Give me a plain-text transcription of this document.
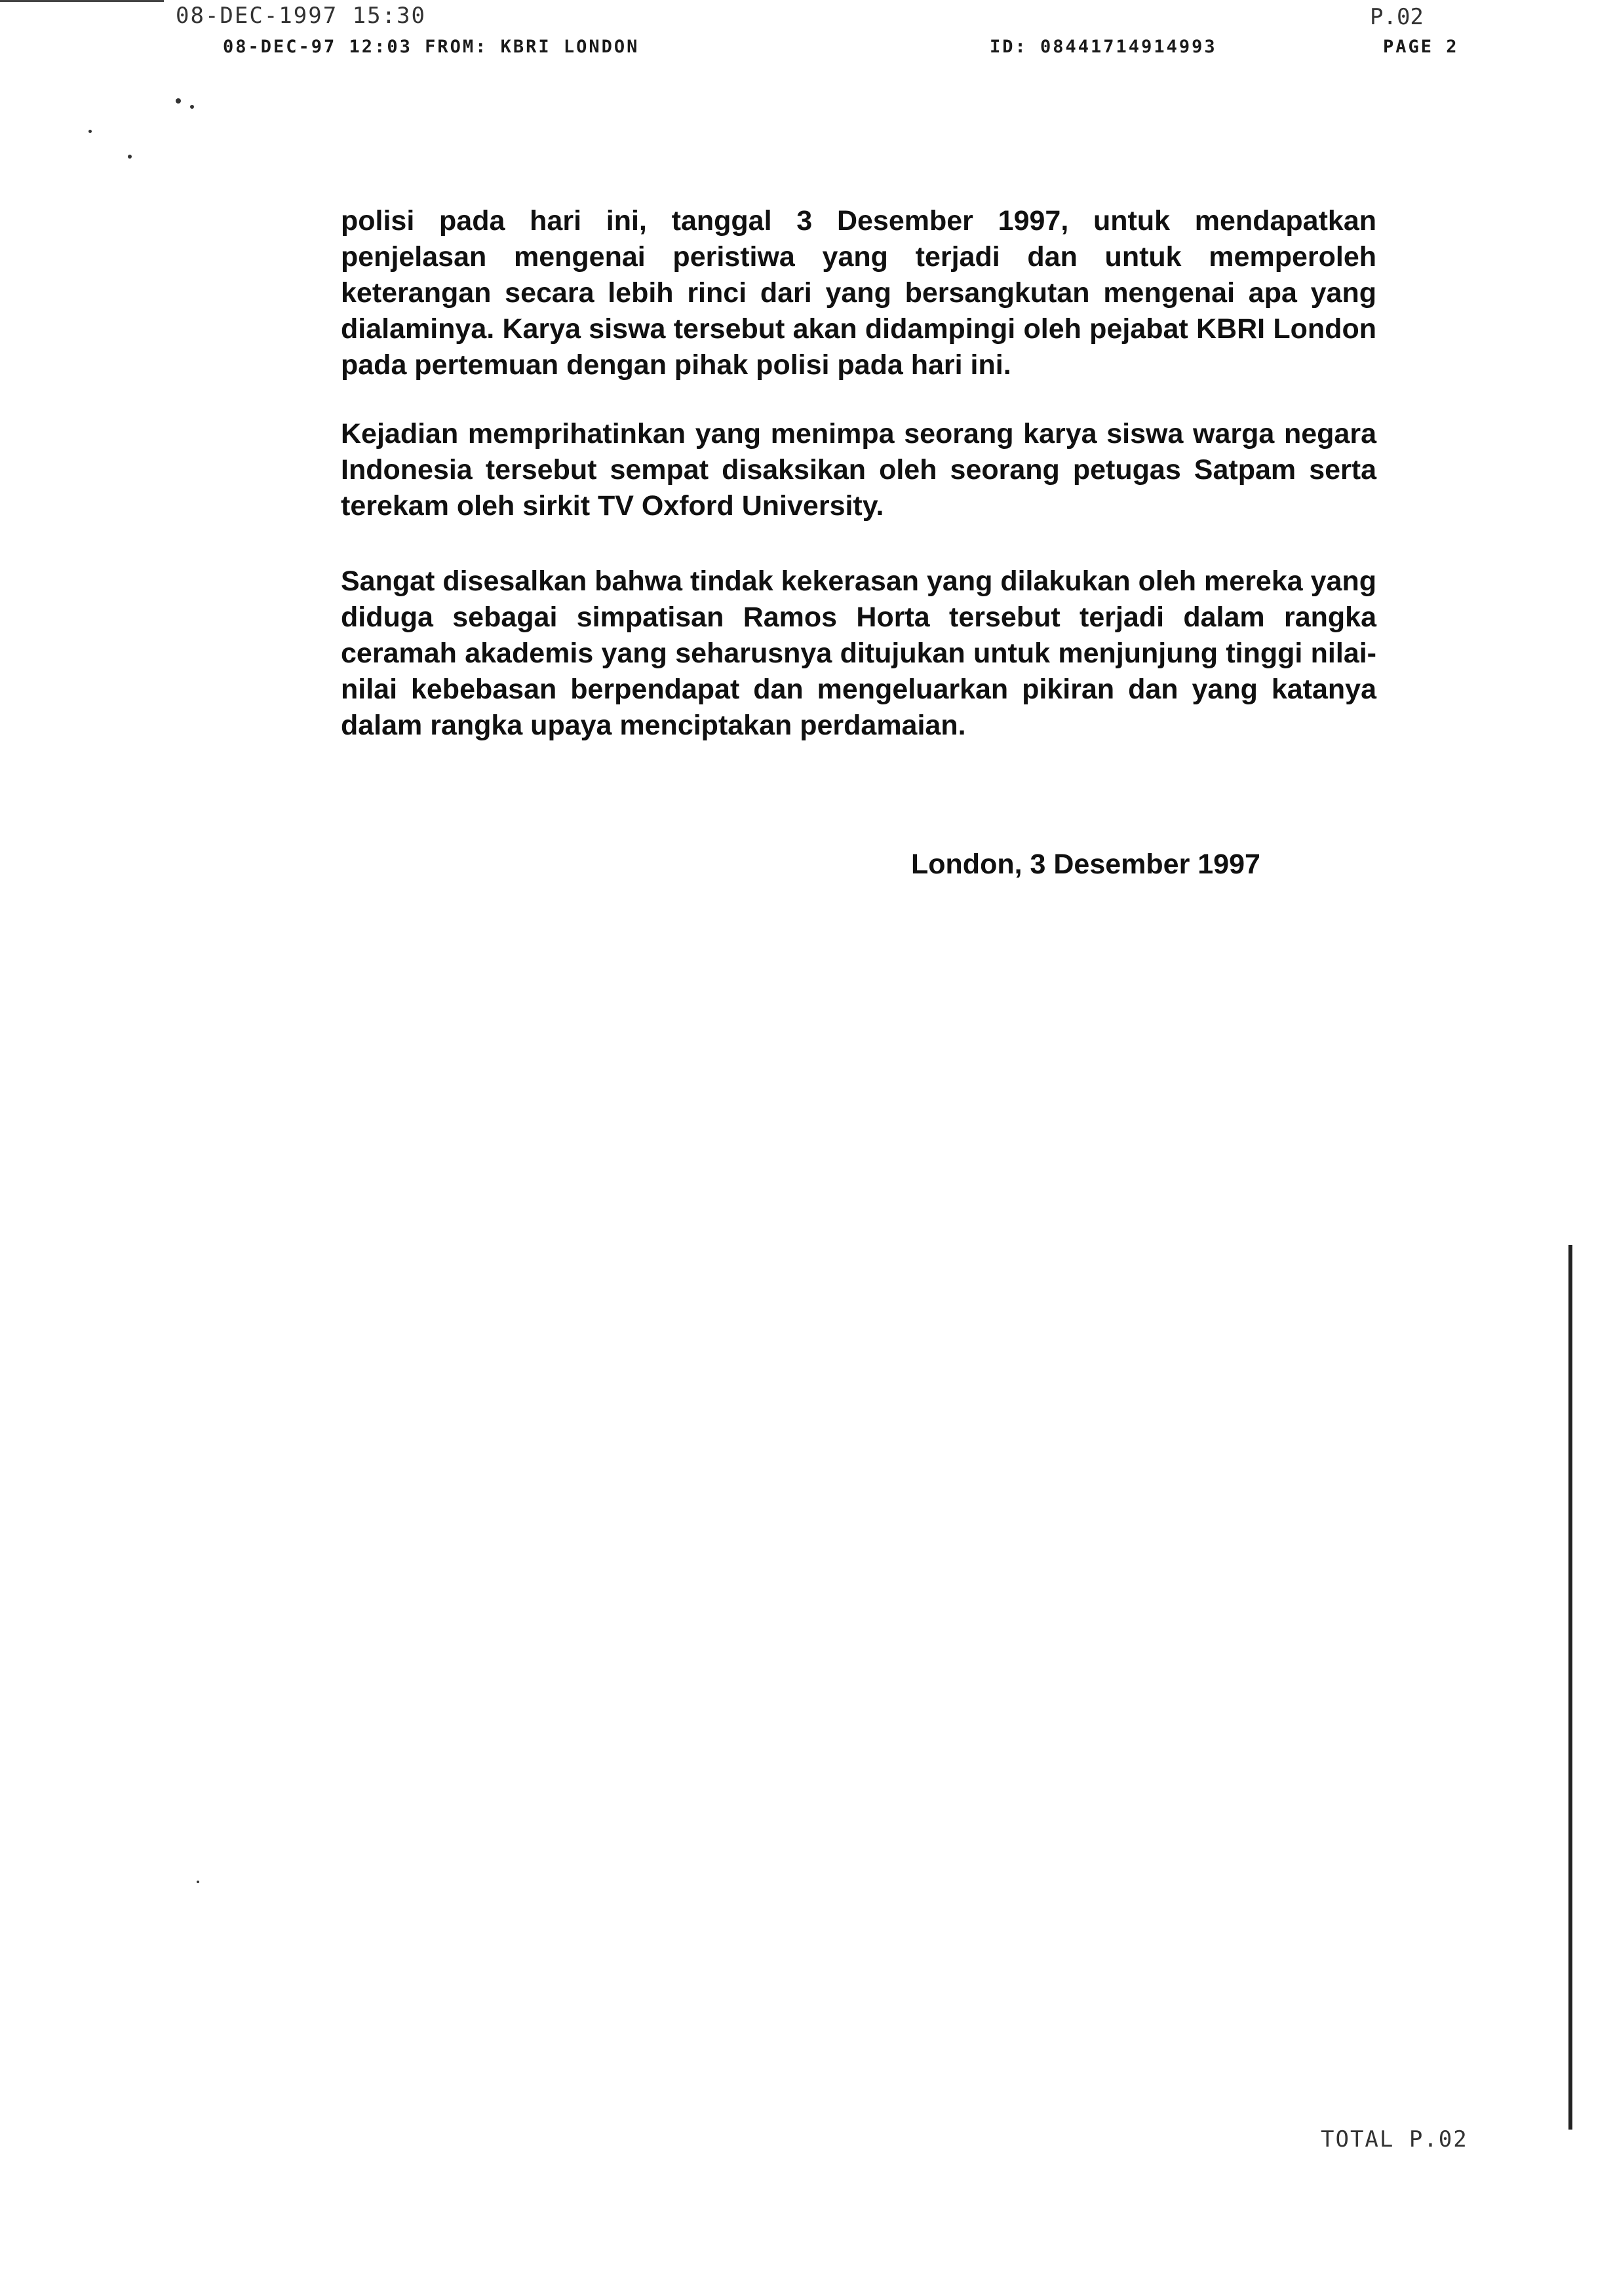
08-DEC-1997 15:30	P.02
08-DEC-97 12:03 FROM: KBRI LONDON	ID: 08441714914993	PAGE 2

polisi pada hari ini, tanggal 3 Desember 1997, untuk mendapatkan penjelasan mengenai peristiwa yang terjadi dan untuk memperoleh keterangan secara lebih rinci dari yang bersangkutan mengenai apa yang dialaminya. Karya siswa tersebut akan didampingi oleh pejabat KBRI London pada pertemuan dengan pihak polisi pada hari ini.

Kejadian memprihatinkan yang menimpa seorang karya siswa warga negara Indonesia tersebut sempat disaksikan oleh seorang petugas Satpam serta terekam oleh sirkit TV Oxford University.

Sangat disesalkan bahwa tindak kekerasan yang dilakukan oleh mereka yang diduga sebagai simpatisan Ramos Horta tersebut terjadi dalam rangka ceramah akademis yang seharusnya ditujukan untuk menjunjung tinggi nilai-nilai kebebasan berpendapat dan mengeluarkan pikiran dan yang katanya dalam rangka upaya menciptakan perdamaian.

London, 3 Desember 1997
TOTAL P.02
